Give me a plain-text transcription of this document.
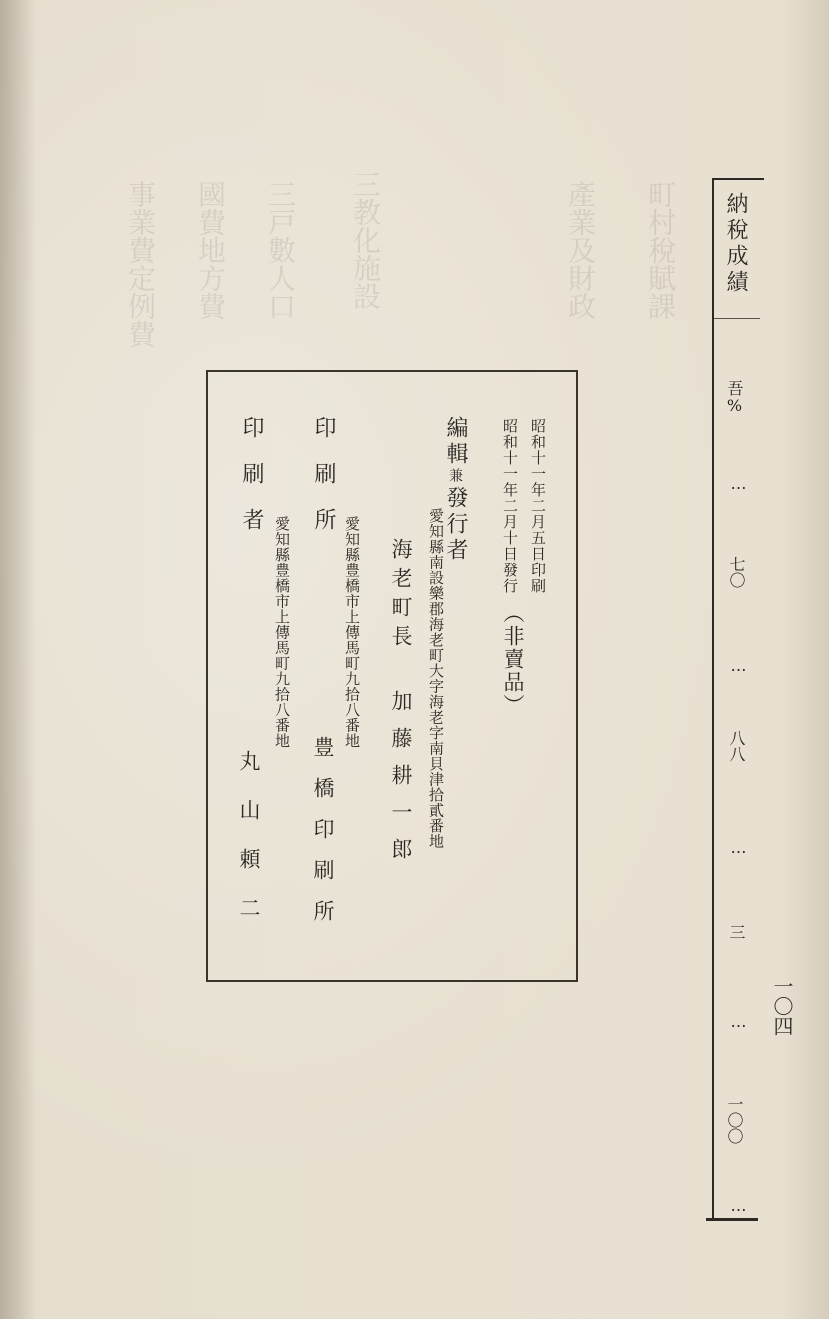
事業費定例費 國費地方費 三戸數人口 三教化施設	產業及財政 町村稅賦課
昭和十一年二月五日印刷
昭和十一年二月十日發行
（非賣品）
編輯兼發行者
愛知縣南設樂郡海老町大字海老字南貝津拾貳番地
海老町長
加藤耕一郎
印刷所
愛知縣豊橋市上傳馬町九拾八番地
豊橋印刷所
印刷者
愛知縣豊橋市上傳馬町九拾八番地
丸山頼二
納稅成績
吾%
…
七〇
…
八八
…
三
…
一〇〇
…
一〇四
